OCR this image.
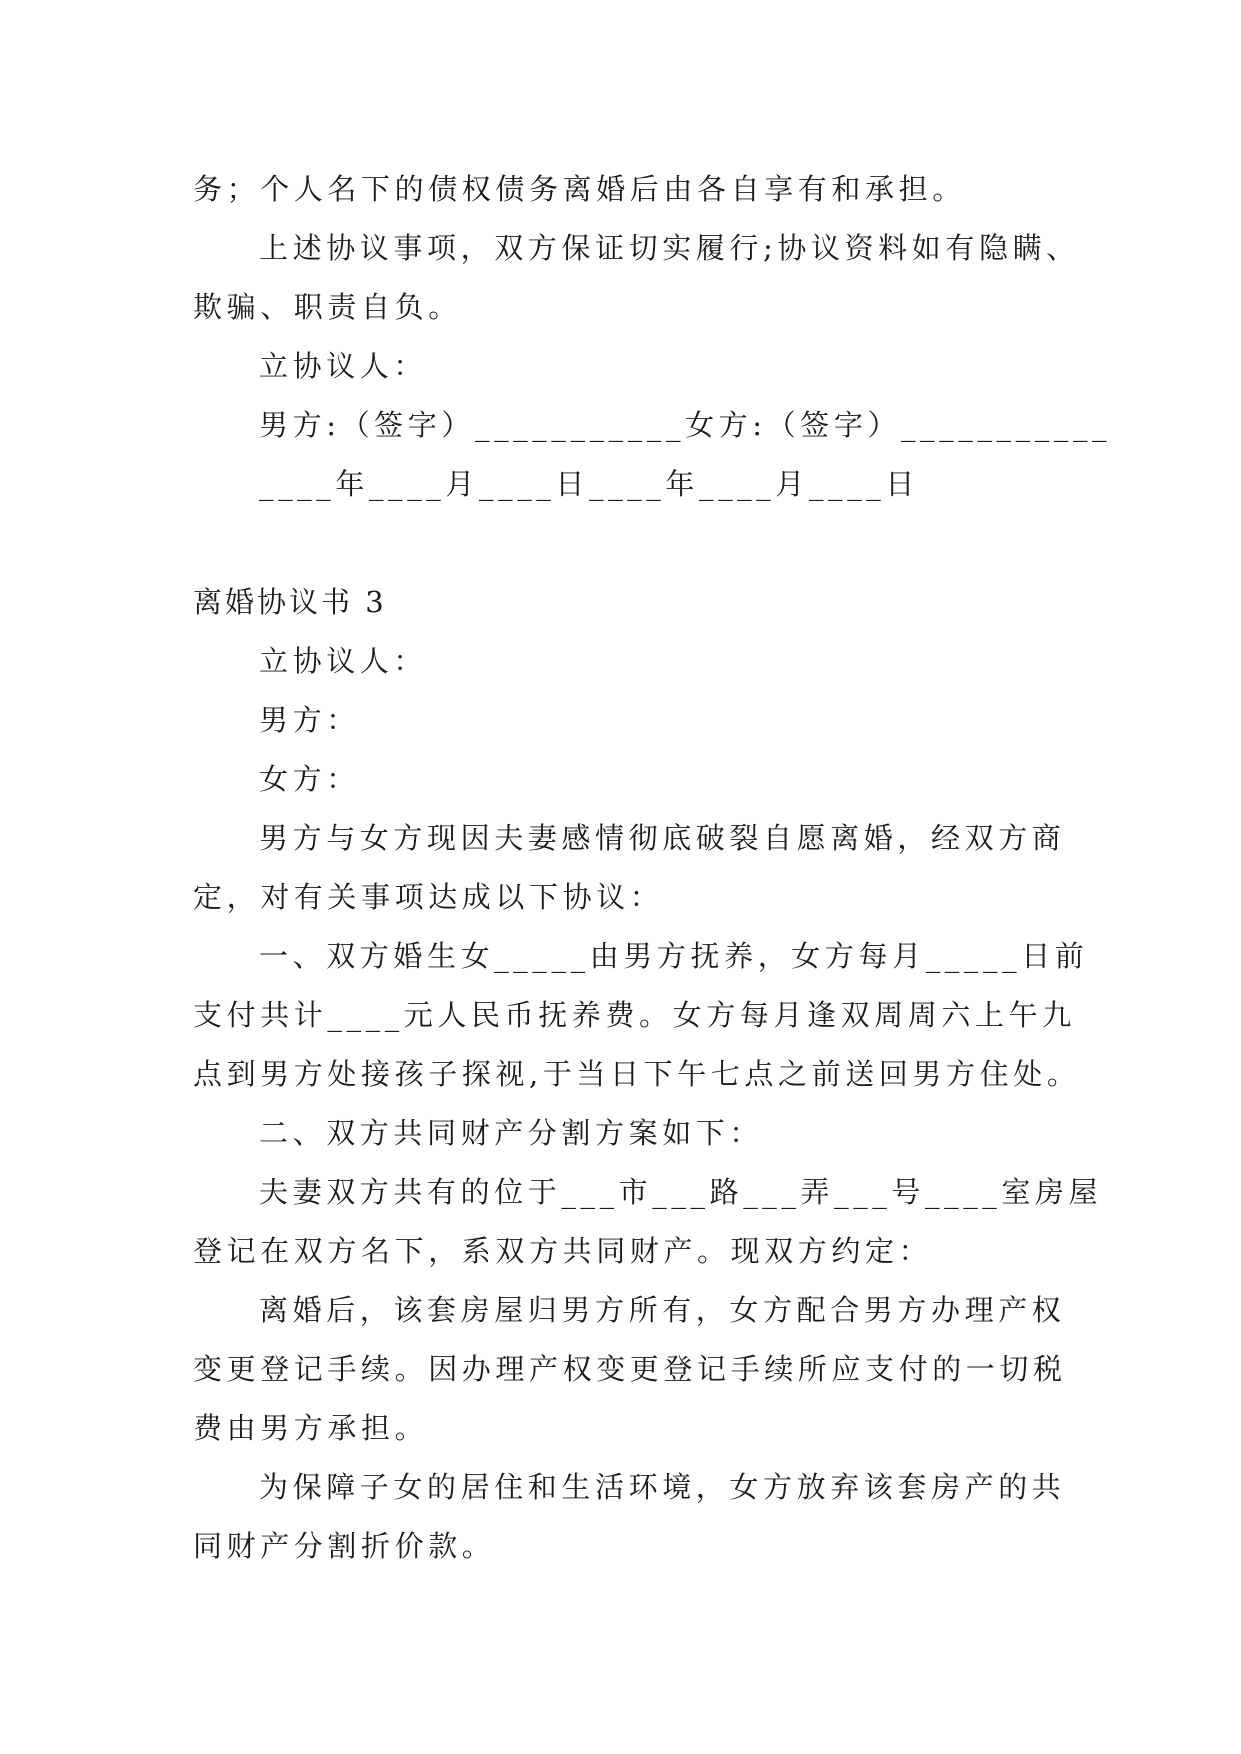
务；个人名下的债权债务离婚后由各自享有和承担。
上述协议事项，双方保证切实履行;协议资料如有隐瞒、
欺骗、职责自负。
立协议人：
男方:（签字）___________女方:（签字）___________
____年____月____日____年____月____日
离婚协议书 3
立协议人：
男方：
女方：
男方与女方现因夫妻感情彻底破裂自愿离婚，经双方商
定，对有关事项达成以下协议：
一、双方婚生女_____由男方抚养，女方每月_____日前
支付共计____元人民币抚养费。女方每月逢双周周六上午九
点到男方处接孩子探视,于当日下午七点之前送回男方住处。
二、双方共同财产分割方案如下：
夫妻双方共有的位于___市___路___弄___号____室房屋
登记在双方名下，系双方共同财产。现双方约定：
离婚后，该套房屋归男方所有，女方配合男方办理产权
变更登记手续。因办理产权变更登记手续所应支付的一切税
费由男方承担。
为保障子女的居住和生活环境，女方放弃该套房产的共
同财产分割折价款。
